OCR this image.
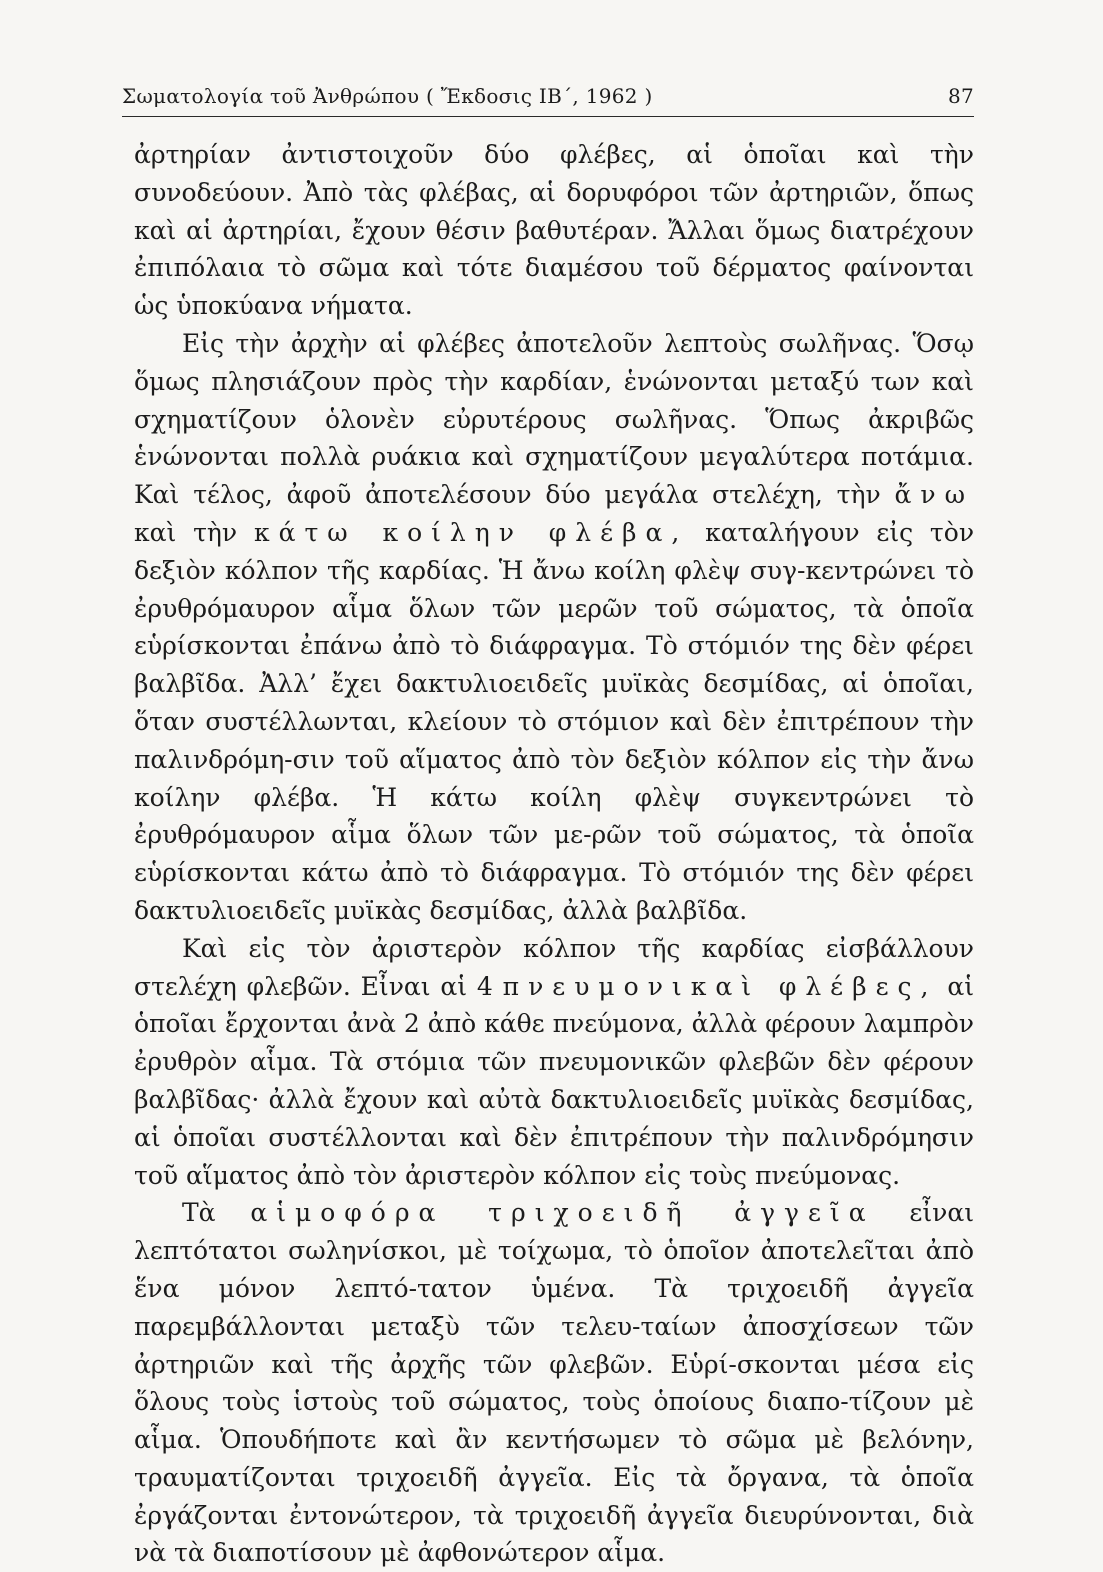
Σωματολογία τοῦ Ἀνθρώπου ( Ἔκδοσις ΙΒ΄, 1962 )	87

ἀρτηρίαν ἀντιστοιχοῦν δύο φλέβες, αἱ ὁποῖαι καὶ τὴν συνοδεύουν. Ἀπὸ τὰς φλέβας, αἱ δορυφόροι τῶν ἀρτηριῶν, ὅπως καὶ αἱ ἀρτηρίαι, ἔχουν θέσιν βαθυτέραν. Ἄλλαι ὅμως διατρέχουν ἐπιπόλαια τὸ σῶμα καὶ τότε διαμέσου τοῦ δέρματος φαίνονται ὡς ὑποκύανα νήματα.

Εἰς τὴν ἀρχὴν αἱ φλέβες ἀποτελοῦν λεπτοὺς σωλῆνας. Ὅσῳ ὅμως πλησιάζουν πρὸς τὴν καρδίαν, ἑνώνονται μεταξύ των καὶ σχηματίζουν ὁλονὲν εὐρυτέρους σωλῆνας. Ὅπως ἀκριβῶς ἑνώνονται πολλὰ ρυάκια καὶ σχηματίζουν μεγαλύτερα ποτάμια. Καὶ τέλος, ἀφοῦ ἀποτελέσουν δύο μεγάλα στελέχη, τὴν ἄνω καὶ τὴν κάτω κοίλην φλέβα, καταλήγουν εἰς τὸν δεξιὸν κόλπον τῆς καρδίας. Ἡ ἄνω κοίλη φλὲψ συγ-κεντρώνει τὸ ἐρυθρόμαυρον αἷμα ὅλων τῶν μερῶν τοῦ σώματος, τὰ ὁποῖα εὑρίσκονται ἐπάνω ἀπὸ τὸ διάφραγμα. Τὸ στόμιόν της δὲν φέρει βαλβῖδα. Ἀλλ’ ἔχει δακτυλιοειδεῖς μυϊκὰς δεσμίδας, αἱ ὁποῖαι, ὅταν συστέλλωνται, κλείουν τὸ στόμιον καὶ δὲν ἐπιτρέπουν τὴν παλινδρόμη-σιν τοῦ αἵματος ἀπὸ τὸν δεξιὸν κόλπον εἰς τὴν ἄνω κοίλην φλέβα. Ἡ κάτω κοίλη φλὲψ συγκεντρώνει τὸ ἐρυθρόμαυρον αἷμα ὅλων τῶν με-ρῶν τοῦ σώματος, τὰ ὁποῖα εὑρίσκονται κάτω ἀπὸ τὸ διάφραγμα. Τὸ στόμιόν της δὲν φέρει δακτυλιοειδεῖς μυϊκὰς δεσμίδας, ἀλλὰ βαλβῖδα.

Καὶ εἰς τὸν ἀριστερὸν κόλπον τῆς καρδίας εἰσβάλλουν στελέχη φλεβῶν. Εἶναι αἱ 4 πνευμονικαὶ φλέβες, αἱ ὁποῖαι ἔρχονται ἀνὰ 2 ἀπὸ κάθε πνεύμονα, ἀλλὰ φέρουν λαμπρὸν ἐρυθρὸν αἷμα. Τὰ στόμια τῶν πνευμονικῶν φλεβῶν δὲν φέρουν βαλβῖδας· ἀλλὰ ἔχουν καὶ αὐτὰ δακτυλιοειδεῖς μυϊκὰς δεσμίδας, αἱ ὁποῖαι συστέλλονται καὶ δὲν ἐπιτρέπουν τὴν παλινδρόμησιν τοῦ αἵματος ἀπὸ τὸν ἀριστερὸν κόλπον εἰς τοὺς πνεύμονας.

Τὰ αἱμοφόρα τριχοειδῆ ἀγγεῖα εἶναι λεπτότατοι σωληνίσκοι, μὲ τοίχωμα, τὸ ὁποῖον ἀποτελεῖται ἀπὸ ἕνα μόνον λεπτό-τατον ὑμένα. Τὰ τριχοειδῆ ἀγγεῖα παρεμβάλλονται μεταξὺ τῶν τελευ-ταίων ἀποσχίσεων τῶν ἀρτηριῶν καὶ τῆς ἀρχῆς τῶν φλεβῶν. Εὑρί-σκονται μέσα εἰς ὅλους τοὺς ἱστοὺς τοῦ σώματος, τοὺς ὁποίους διαπο-τίζουν μὲ αἷμα. Ὁπουδήποτε καὶ ἂν κεντήσωμεν τὸ σῶμα μὲ βελόνην, τραυματίζονται τριχοειδῆ ἀγγεῖα. Εἰς τὰ ὄργανα, τὰ ὁποῖα ἐργάζονται ἐντονώτερον, τὰ τριχοειδῆ ἀγγεῖα διευρύνονται, διὰ νὰ τὰ διαποτίσουν μὲ ἀφθονώτερον αἷμα.
